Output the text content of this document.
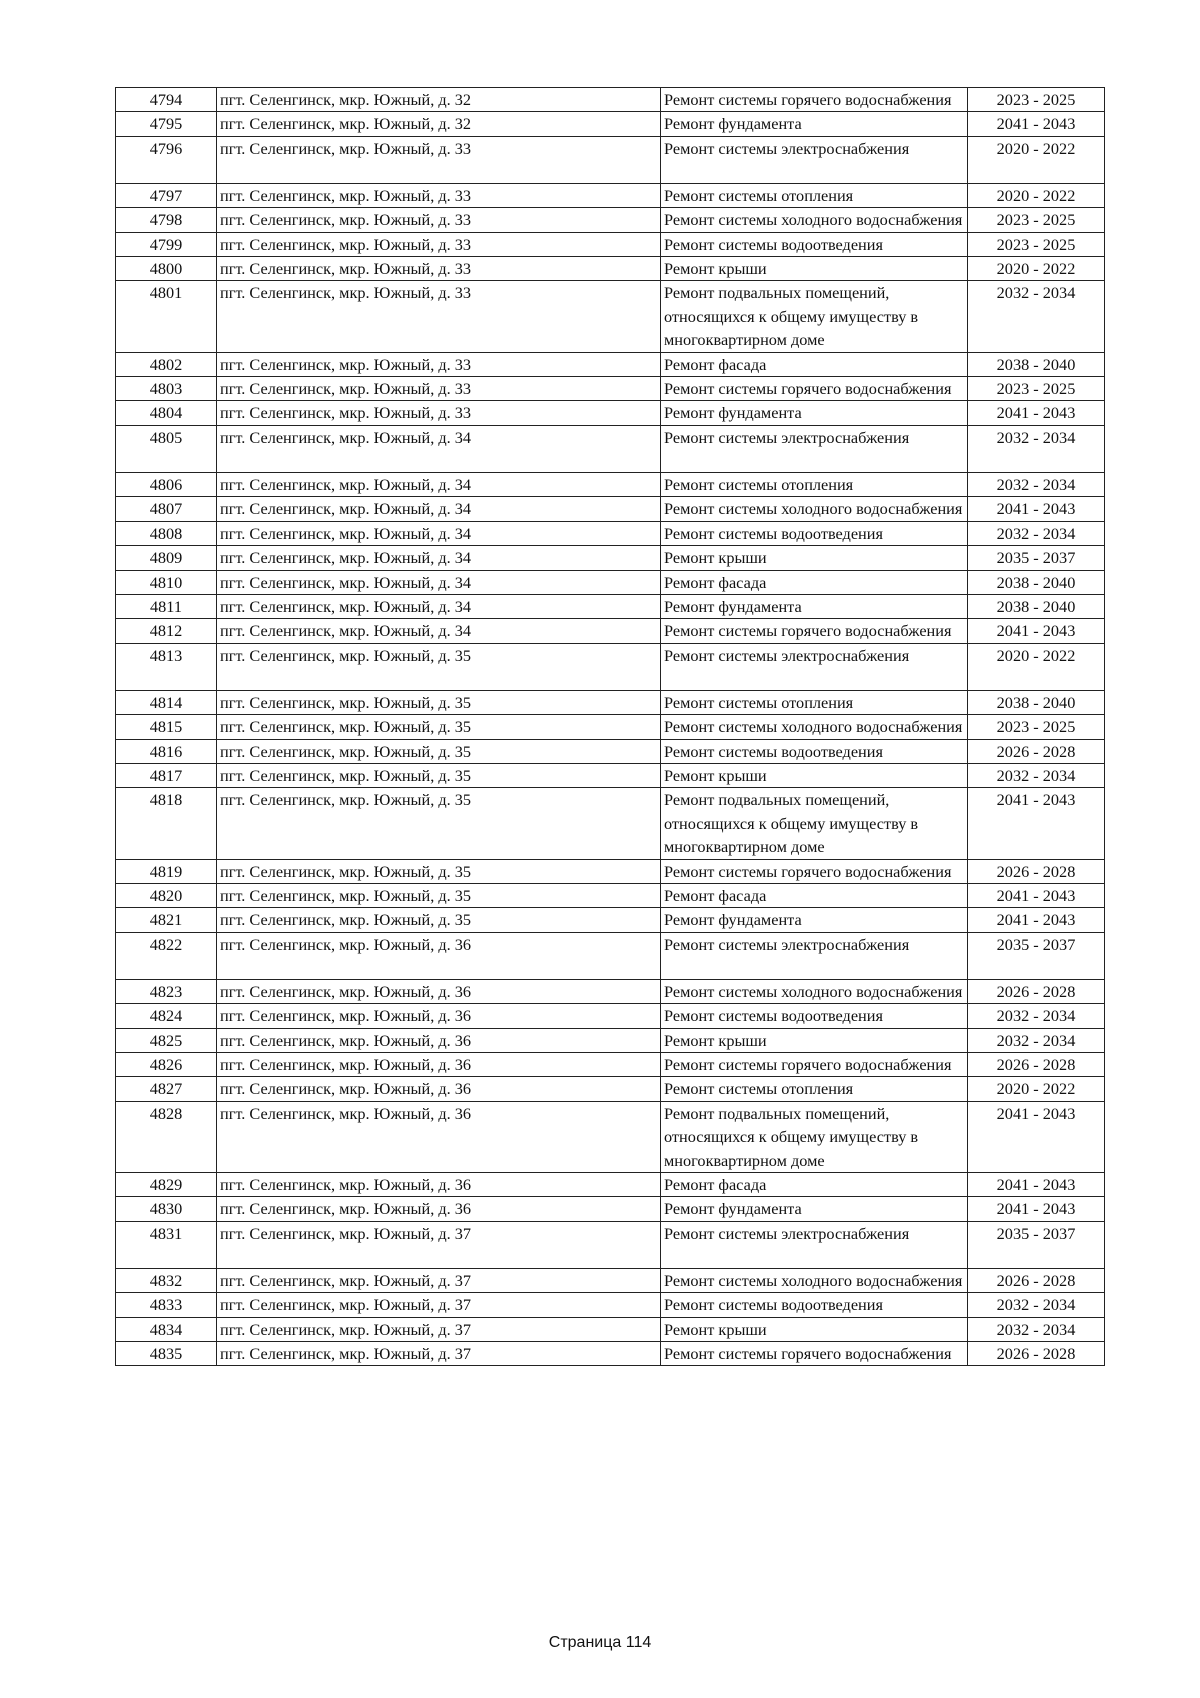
4794	пгт. Селенгинск, мкр. Южный, д. 32	Ремонт системы горячего водоснабжения	2023 - 2025
4795	пгт. Селенгинск, мкр. Южный, д. 32	Ремонт фундамента	2041 - 2043
4796	пгт. Селенгинск, мкр. Южный, д. 33	Ремонт системы электроснабжения	2020 - 2022
4797	пгт. Селенгинск, мкр. Южный, д. 33	Ремонт системы отопления	2020 - 2022
4798	пгт. Селенгинск, мкр. Южный, д. 33	Ремонт системы холодного водоснабжения	2023 - 2025
4799	пгт. Селенгинск, мкр. Южный, д. 33	Ремонт системы водоотведения	2023 - 2025
4800	пгт. Селенгинск, мкр. Южный, д. 33	Ремонт крыши	2020 - 2022
4801	пгт. Селенгинск, мкр. Южный, д. 33	Ремонт подвальных помещений, относящихся к общему имуществу в многоквартирном доме	2032 - 2034
4802	пгт. Селенгинск, мкр. Южный, д. 33	Ремонт фасада	2038 - 2040
4803	пгт. Селенгинск, мкр. Южный, д. 33	Ремонт системы горячего водоснабжения	2023 - 2025
4804	пгт. Селенгинск, мкр. Южный, д. 33	Ремонт фундамента	2041 - 2043
4805	пгт. Селенгинск, мкр. Южный, д. 34	Ремонт системы электроснабжения	2032 - 2034
4806	пгт. Селенгинск, мкр. Южный, д. 34	Ремонт системы отопления	2032 - 2034
4807	пгт. Селенгинск, мкр. Южный, д. 34	Ремонт системы холодного водоснабжения	2041 - 2043
4808	пгт. Селенгинск, мкр. Южный, д. 34	Ремонт системы водоотведения	2032 - 2034
4809	пгт. Селенгинск, мкр. Южный, д. 34	Ремонт крыши	2035 - 2037
4810	пгт. Селенгинск, мкр. Южный, д. 34	Ремонт фасада	2038 - 2040
4811	пгт. Селенгинск, мкр. Южный, д. 34	Ремонт фундамента	2038 - 2040
4812	пгт. Селенгинск, мкр. Южный, д. 34	Ремонт системы горячего водоснабжения	2041 - 2043
4813	пгт. Селенгинск, мкр. Южный, д. 35	Ремонт системы электроснабжения	2020 - 2022
4814	пгт. Селенгинск, мкр. Южный, д. 35	Ремонт системы отопления	2038 - 2040
4815	пгт. Селенгинск, мкр. Южный, д. 35	Ремонт системы холодного водоснабжения	2023 - 2025
4816	пгт. Селенгинск, мкр. Южный, д. 35	Ремонт системы водоотведения	2026 - 2028
4817	пгт. Селенгинск, мкр. Южный, д. 35	Ремонт крыши	2032 - 2034
4818	пгт. Селенгинск, мкр. Южный, д. 35	Ремонт подвальных помещений, относящихся к общему имуществу в многоквартирном доме	2041 - 2043
4819	пгт. Селенгинск, мкр. Южный, д. 35	Ремонт системы горячего водоснабжения	2026 - 2028
4820	пгт. Селенгинск, мкр. Южный, д. 35	Ремонт фасада	2041 - 2043
4821	пгт. Селенгинск, мкр. Южный, д. 35	Ремонт фундамента	2041 - 2043
4822	пгт. Селенгинск, мкр. Южный, д. 36	Ремонт системы электроснабжения	2035 - 2037
4823	пгт. Селенгинск, мкр. Южный, д. 36	Ремонт системы холодного водоснабжения	2026 - 2028
4824	пгт. Селенгинск, мкр. Южный, д. 36	Ремонт системы водоотведения	2032 - 2034
4825	пгт. Селенгинск, мкр. Южный, д. 36	Ремонт крыши	2032 - 2034
4826	пгт. Селенгинск, мкр. Южный, д. 36	Ремонт системы горячего водоснабжения	2026 - 2028
4827	пгт. Селенгинск, мкр. Южный, д. 36	Ремонт системы отопления	2020 - 2022
4828	пгт. Селенгинск, мкр. Южный, д. 36	Ремонт подвальных помещений, относящихся к общему имуществу в многоквартирном доме	2041 - 2043
4829	пгт. Селенгинск, мкр. Южный, д. 36	Ремонт фасада	2041 - 2043
4830	пгт. Селенгинск, мкр. Южный, д. 36	Ремонт фундамента	2041 - 2043
4831	пгт. Селенгинск, мкр. Южный, д. 37	Ремонт системы электроснабжения	2035 - 2037
4832	пгт. Селенгинск, мкр. Южный, д. 37	Ремонт системы холодного водоснабжения	2026 - 2028
4833	пгт. Селенгинск, мкр. Южный, д. 37	Ремонт системы водоотведения	2032 - 2034
4834	пгт. Селенгинск, мкр. Южный, д. 37	Ремонт крыши	2032 - 2034
4835	пгт. Селенгинск, мкр. Южный, д. 37	Ремонт системы горячего водоснабжения	2026 - 2028
Страница 114
